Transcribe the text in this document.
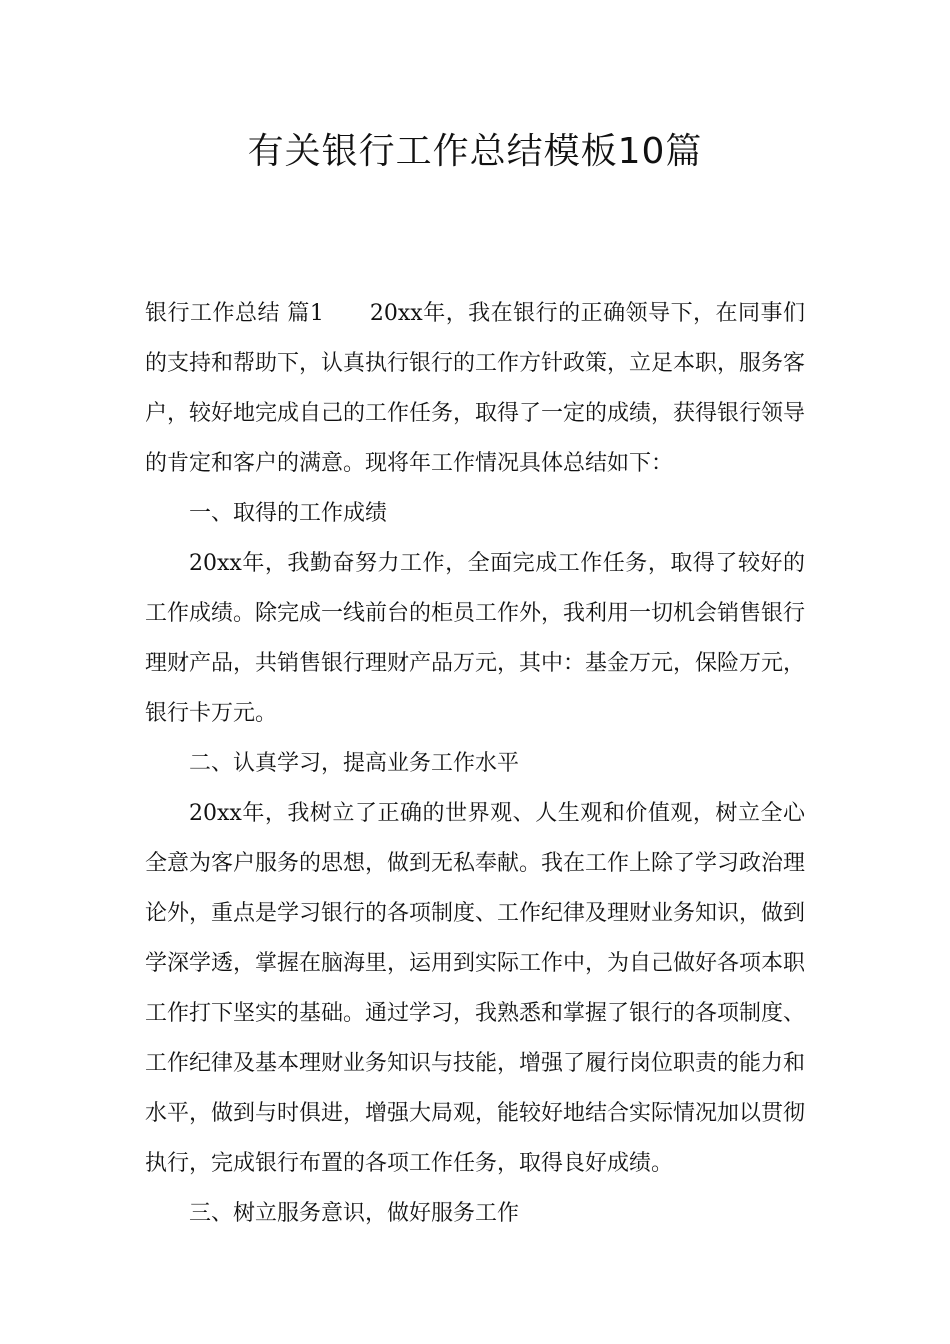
有关银行工作总结模板10篇

银行工作总结 篇1 20xx年，我在银行的正确领导下，在同事们的支持和帮助下，认真执行银行的工作方针政策，立足本职，服务客户，较好地完成自己的工作任务，取得了一定的成绩，获得银行领导的肯定和客户的满意。现将年工作情况具体总结如下：

一、取得的工作成绩

20xx年，我勤奋努力工作，全面完成工作任务，取得了较好的工作成绩。除完成一线前台的柜员工作外，我利用一切机会销售银行理财产品，共销售银行理财产品万元，其中：基金万元，保险万元，银行卡万元。

二、认真学习，提高业务工作水平

20xx年，我树立了正确的世界观、人生观和价值观，树立全心全意为客户服务的思想，做到无私奉献。我在工作上除了学习政治理论外，重点是学习银行的各项制度、工作纪律及理财业务知识，做到学深学透，掌握在脑海里，运用到实际工作中，为自己做好各项本职工作打下坚实的基础。通过学习，我熟悉和掌握了银行的各项制度、工作纪律及基本理财业务知识与技能，增强了履行岗位职责的能力和水平，做到与时俱进，增强大局观，能较好地结合实际情况加以贯彻执行，完成银行布置的各项工作任务，取得良好成绩。

三、树立服务意识，做好服务工作
